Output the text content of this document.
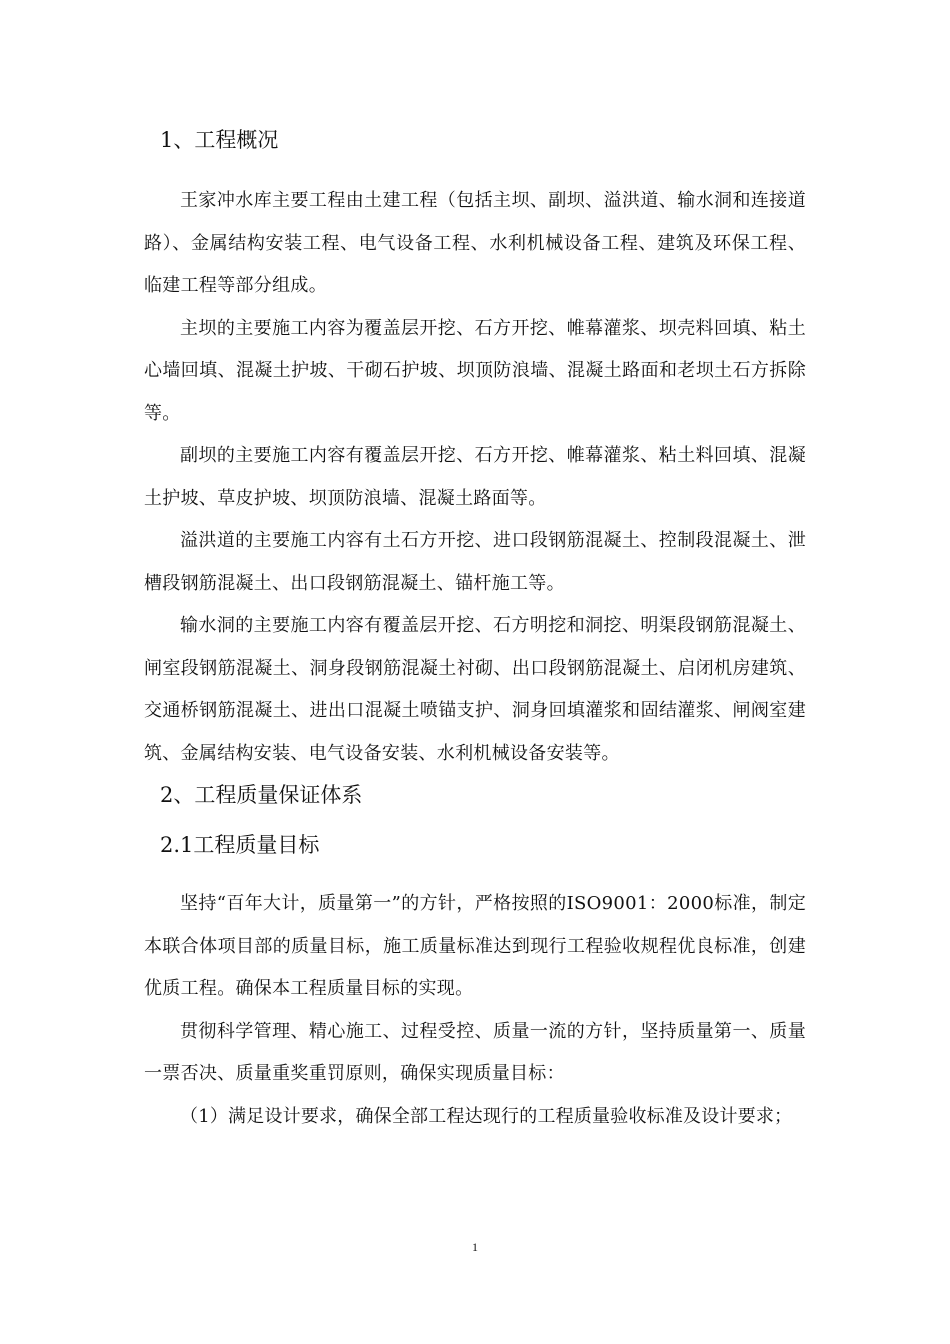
1、工程概况

王家冲水库主要工程由土建工程（包括主坝、副坝、溢洪道、输水洞和连接道路）、金属结构安装工程、电气设备工程、水利机械设备工程、建筑及环保工程、临建工程等部分组成。

主坝的主要施工内容为覆盖层开挖、石方开挖、帷幕灌浆、坝壳料回填、粘土心墙回填、混凝土护坡、干砌石护坡、坝顶防浪墙、混凝土路面和老坝土石方拆除等。

副坝的主要施工内容有覆盖层开挖、石方开挖、帷幕灌浆、粘土料回填、混凝土护坡、草皮护坡、坝顶防浪墙、混凝土路面等。

溢洪道的主要施工内容有土石方开挖、进口段钢筋混凝土、控制段混凝土、泄槽段钢筋混凝土、出口段钢筋混凝土、锚杆施工等。

输水洞的主要施工内容有覆盖层开挖、石方明挖和洞挖、明渠段钢筋混凝土、闸室段钢筋混凝土、洞身段钢筋混凝土衬砌、出口段钢筋混凝土、启闭机房建筑、交通桥钢筋混凝土、进出口混凝土喷锚支护、洞身回填灌浆和固结灌浆、闸阀室建筑、金属结构安装、电气设备安装、水利机械设备安装等。

2、工程质量保证体系
2.1工程质量目标

坚持“百年大计，质量第一”的方针，严格按照的ISO9001：2000标准，制定本联合体项目部的质量目标，施工质量标准达到现行工程验收规程优良标准，创建优质工程。确保本工程质量目标的实现。

贯彻科学管理、精心施工、过程受控、质量一流的方针，坚持质量第一、质量一票否决、质量重奖重罚原则，确保实现质量目标：

（1）满足设计要求，确保全部工程达现行的工程质量验收标准及设计要求；
1
